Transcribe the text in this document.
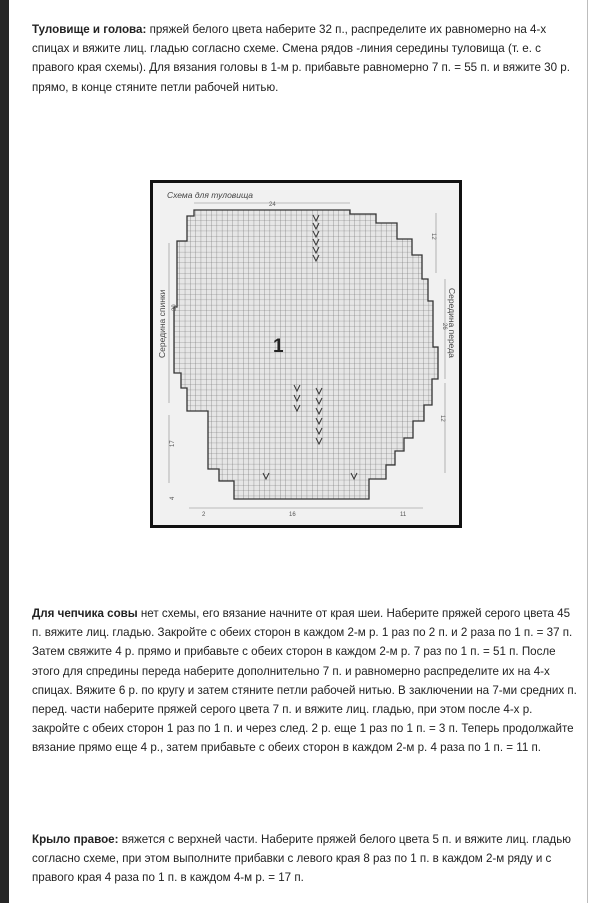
Туловище и голова: пряжей белого цвета наберите 32 п., распределите их равномерно на 4-х спицах и вяжите лиц. гладью согласно схеме. Смена рядов -линия середины туловища (т. е. с правого края схемы). Для вязания головы в 1-м р. прибавьте равномерно 7 п. = 55 п. и вяжите 30 р. прямо, в конце стяните петли рабочей нитью.

Для чепчика совы нет схемы, его вязание начните от края шеи. Наберите пряжей серого цвета 45 п. вяжите лиц. гладью. Закройте с обеих сторон в каждом 2-м р. 1 раз по 2 п. и 2 раза по 1 п. = 37 п. Затем свяжите 4 р. прямо и прибавьте с обеих сторон в каждом 2-м р. 7 раз по 1 п. = 51 п. После этого для спредины переда наберите дополнительно 7 п. и равномерно распределите их на 4-х спицах. Вяжите 6 р. по кругу и затем стяните петли рабочей нитью. В заключении на 7-ми средних п. перед. части наберите пряжей серого цвета 7 п. и вяжите лиц. гладью, при этом после 4-х р. закройте с обеих сторон 1 раз по 1 п. и через след. 2 р. еще 1 раз по 1 п. = 3 п. Теперь продолжайте вязание прямо еще 4 р., затем прибавьте с обеих сторон в каждом 2-м р. 4 раза по 1 п. = 11 п.

Крыло правое: вяжется с верхней части. Наберите пряжей белого цвета 5 п. и вяжите лиц. гладью согласно схеме, при этом выполните прибавки с левого края 8 раз по 1 п. в каждом 2-м ряду и с правого края 4 раза по 1 п. в каждом 4-м р. = 17 п.

Схема для туловища
1
Середина спинки	Середина переда
24
39
17
4
12
26
12
2	16	11
